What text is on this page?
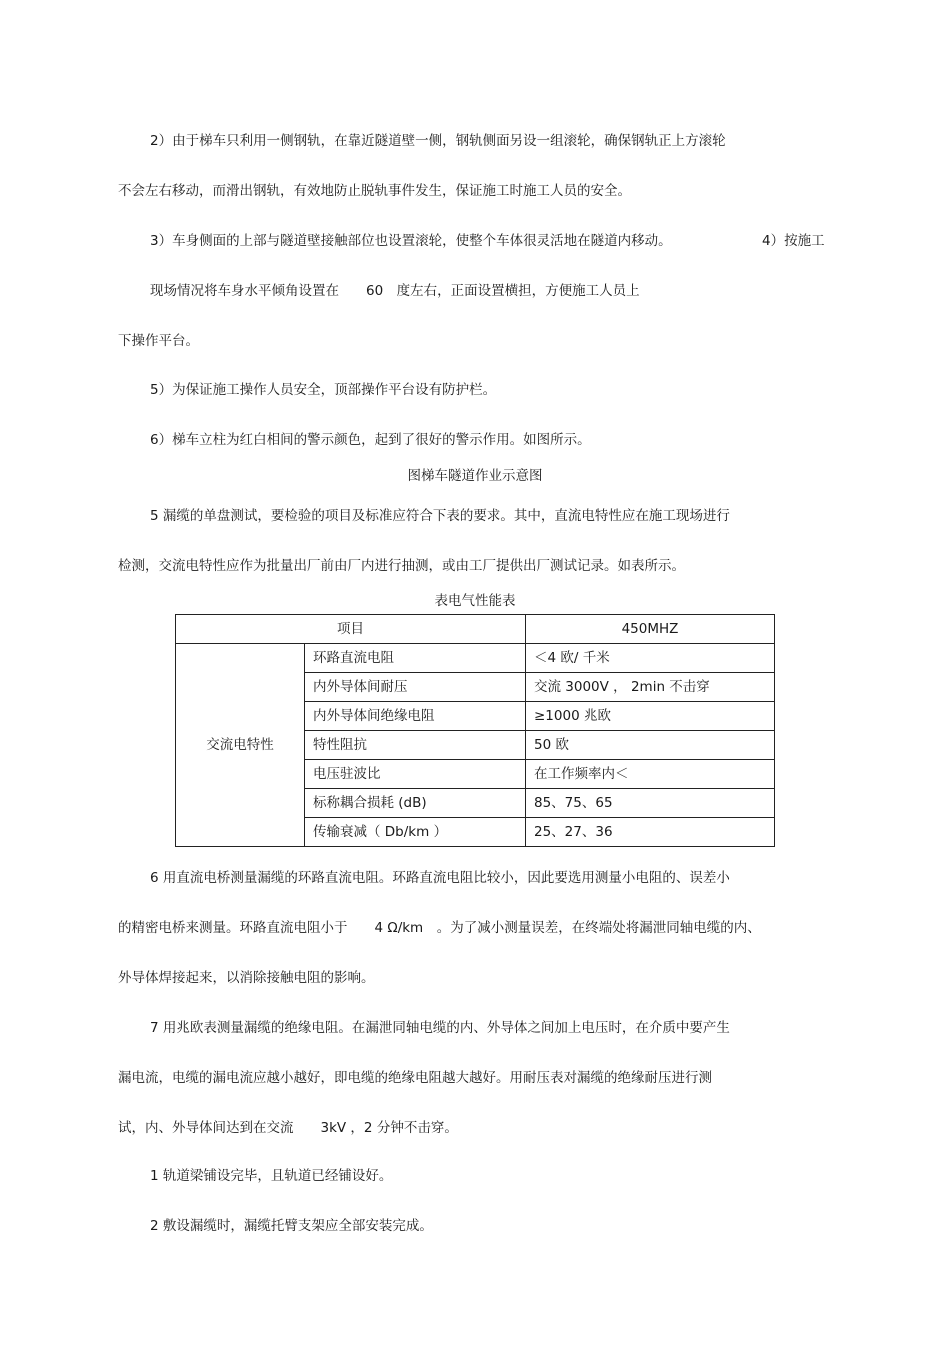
2）由于梯车只利用一侧钢轨，在靠近隧道壁一侧，钢轨侧面另设一组滚轮，确保钢轨正上方滚轮
不会左右移动，而滑出钢轨，有效地防止脱轨事件发生，保证施工时施工人员的安全。
3）车身侧面的上部与隧道壁接触部位也设置滚轮，使整个车体很灵活地在隧道内移动。	4）按施工
现场情况将车身水平倾角设置在　　60　度左右，正面设置横担，方便施工人员上
下操作平台。
5）为保证施工操作人员安全，顶部操作平台设有防护栏。
6）梯车立柱为红白相间的警示颜色，起到了很好的警示作用。如图所示。
图梯车隧道作业示意图
5 漏缆的单盘测试，要检验的项目及标准应符合下表的要求。其中，直流电特性应在施工现场进行
检测，交流电特性应作为批量出厂前由厂内进行抽测，或由工厂提供出厂测试记录。如表所示。
表电气性能表
项目		450MHZ
交流电特性	环路直流电阻	＜4 欧/ 千米
	内外导体间耐压	交流 3000V ， 2min 不击穿
	内外导体间绝缘电阻	≥1000 兆欧
	特性阻抗	50 欧
	电压驻波比	在工作频率内＜
	标称耦合损耗 (dB)	85、75、65
	传输衰减（ Db/km ）	25、27、36
6 用直流电桥测量漏缆的环路直流电阻。环路直流电阻比较小，因此要选用测量小电阻的、误差小
的精密电桥来测量。环路直流电阻小于　　4 Ω/km　。为了减小测量误差，在终端处将漏泄同轴电缆的内、
外导体焊接起来，以消除接触电阻的影响。
7 用兆欧表测量漏缆的绝缘电阻。在漏泄同轴电缆的内、外导体之间加上电压时，在介质中要产生
漏电流，电缆的漏电流应越小越好，即电缆的绝缘电阻越大越好。用耐压表对漏缆的绝缘耐压进行测
试，内、外导体间达到在交流　　3kV ，2 分钟不击穿。
1 轨道梁铺设完毕，且轨道已经铺设好。
2 敷设漏缆时，漏缆托臂支架应全部安装完成。
